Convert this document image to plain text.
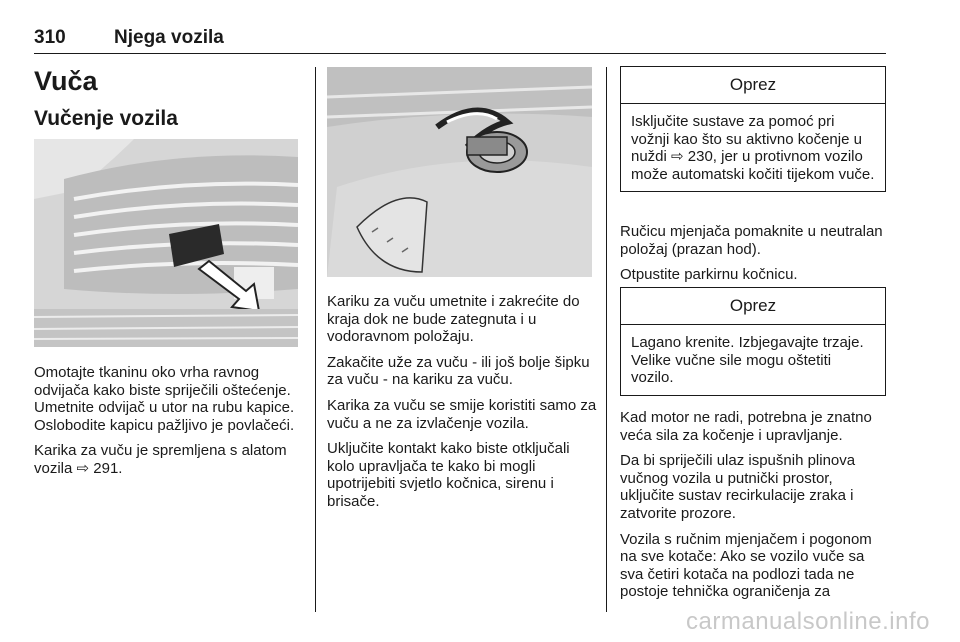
310	Njega vozila
Vuča
Vučenje vozila

Omotajte tkaninu oko vrha ravnog odvijača kako biste spriječili oštećenje. Umetnite odvijač u utor na rubu kapice. Oslobodite kapicu pažljivo je povlačeći.

Karika za vuču je spremljena s alatom vozila ⇨ 291.

Kariku za vuču umetnite i zakrećite do kraja dok ne bude zategnuta i u vodoravnom položaju.

Zakačite uže za vuču - ili još bolje šipku za vuču - na kariku za vuču.

Karika za vuču se smije koristiti samo za vuču a ne za izvlačenje vozila.

Uključite kontakt kako biste otključali kolo upravljača te kako bi mogli upotrijebiti svjetlo kočnica, sirenu i brisače.

Oprez
Isključite sustave za pomoć pri vožnji kao što su aktivno kočenje u nuždi ⇨ 230, jer u protivnom vozilo može automatski kočiti tijekom vuče.

Ručicu mjenjača pomaknite u neutralan položaj (prazan hod).

Otpustite parkirnu kočnicu.

Oprez
Lagano krenite. Izbjegavajte trzaje. Velike vučne sile mogu oštetiti vozilo.

Kad motor ne radi, potrebna je znatno veća sila za kočenje i upravljanje.

Da bi spriječili ulaz ispušnih plinova vučnog vozila u putnički prostor, uključite sustav recirkulacije zraka i zatvorite prozore.

Vozila s ručnim mjenjačem i pogonom na sve kotače: Ako se vozilo vuče sa sva četiri kotača na podlozi tada ne postoje tehnička ograničenja za

carmanualsonline.info
